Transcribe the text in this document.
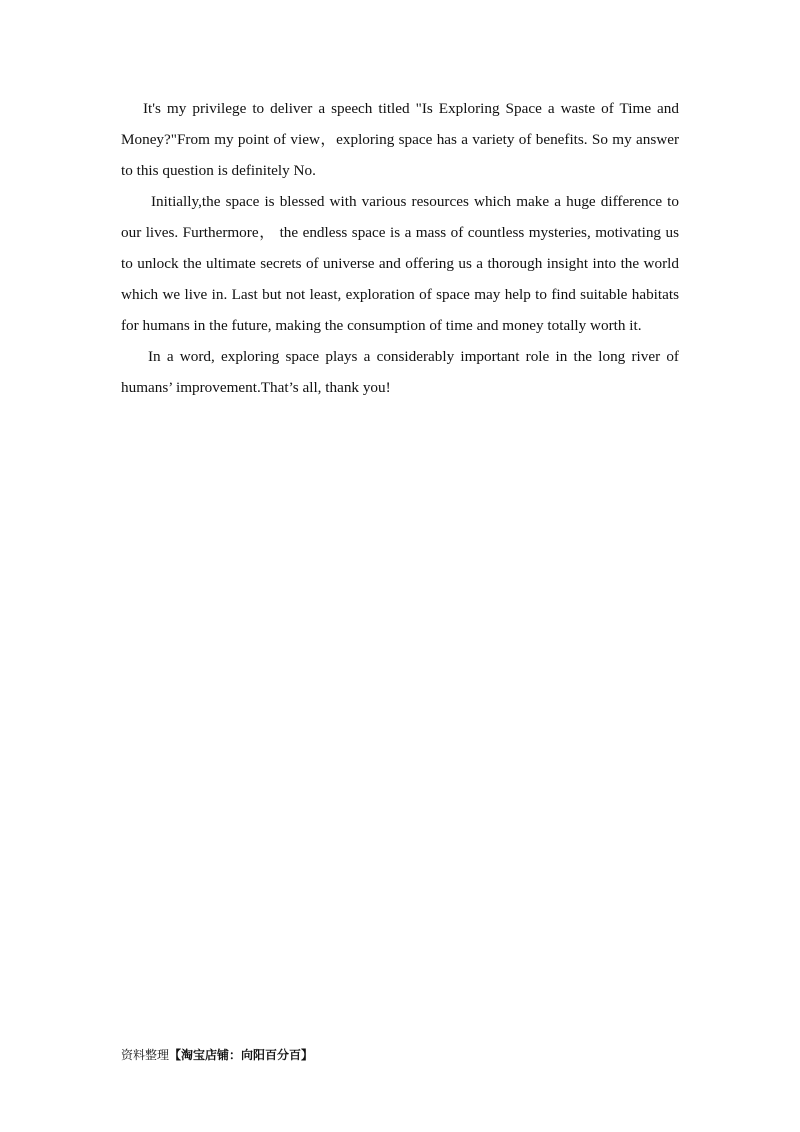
It's my privilege to deliver a speech titled "Is Exploring Space a waste of Time and Money?"From my point of view，exploring space has a variety of benefits. So my answer to this question is definitely No.

Initially,the space is blessed with various resources which make a huge difference to our lives. Furthermore， the endless space is a mass of countless mysteries, motivating us to unlock the ultimate secrets of universe and offering us a thorough insight into the world which we live in. Last but not least, exploration of space may help to find suitable habitats for humans in the future, making the consumption of time and money totally worth it.

In a word, exploring space plays a considerably important role in the long river of humans’ improvement.That’s all, thank you!

资料整理【淘宝店铺：向阳百分百】
